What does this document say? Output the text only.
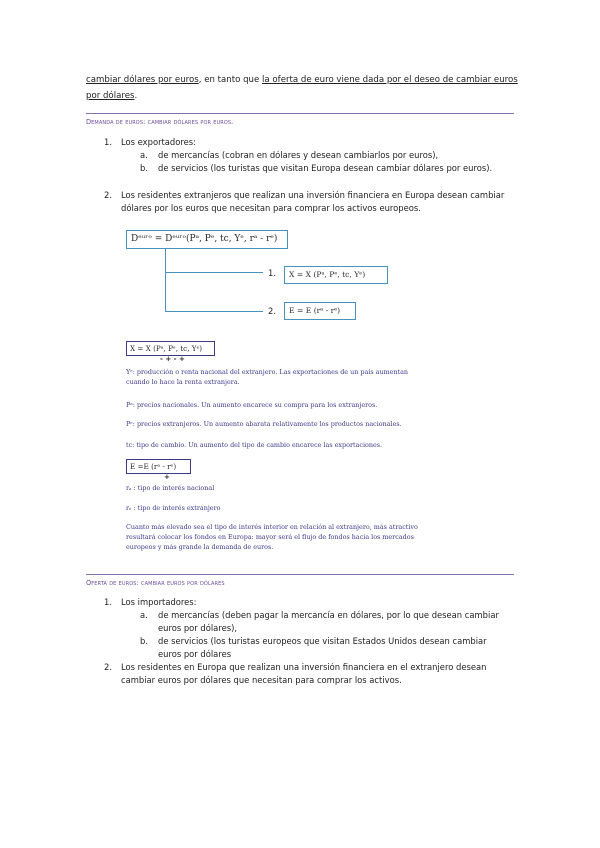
cambiar dólares por euros, en tanto que la oferta de euro viene dada por el deseo de cambiar euros por dólares.
Demanda de euros: cambiar dólares por euros.
1. Los exportadores:
a. de mercancías (cobran en dólares y desean cambiarlos por euros),
b. de servicios (los turistas que visitan Europa desean cambiar dólares por euros).
2. Los residentes extranjeros que realizan una inversión financiera en Europa desean cambiar dólares por los euros que necesitan para comprar los activos europeos.
Dᵉᵘʳᵒ = Dᵉᵘʳᵒ(Pᵃ, Pᵉ, tc, Yᵉ, rᵃ - rᵉ)
1.
2.
X = X (Pᵃ, Pᵉ, tc, Yᵉ)
E = E (rᵃ - rᵉ)
X = X (Pᵃ, Pᵉ, tc, Yᵉ)
- + - +
Yᵉ: producción o renta nacional del extranjero. Las exportaciones de un país aumentan cuando lo hace la renta extranjera.
Pᵃ: precios nacionales. Un aumento encarece su compra para los extranjeros.
Pᵉ: precios extranjeros. Un aumento abarata relativamente los productos nacionales.
tc: tipo de cambio. Un aumento del tipo de cambio encarece las exportaciones.
E =E (rᵃ - rᵉ)
+
rₐ : tipo de interés nacional
rₑ : tipo de interés extranjero
Cuanto más elevado sea el tipo de interés interior en relación al extranjero, más atractivo resultará colocar los fondos en Europa: mayor será el flujo de fondos hacia los mercados europeos y más grande la demanda de euros.
Oferta de euros: cambiar euros por dólares
1. Los importadores:
a. de mercancías (deben pagar la mercancía en dólares, por lo que desean cambiar euros por dólares),
b. de servicios (los turistas europeos que visitan Estados Unidos desean cambiar euros por dólares
2. Los residentes en Europa que realizan una inversión financiera en el extranjero desean cambiar euros por dólares que necesitan para comprar los activos.
